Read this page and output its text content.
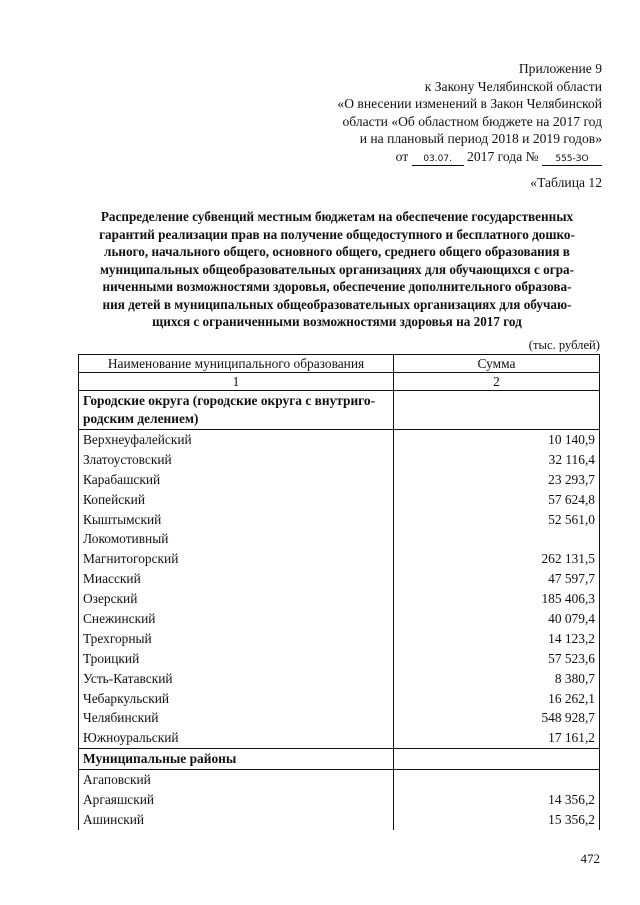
Приложение 9
к Закону Челябинской области
«О внесении изменений в Закон Челябинской
области «Об областном бюджете на 2017 год
и на плановый период 2018 и 2019 годов»
от 03.07. 2017 года № 555-ЗО
«Таблица 12
Распределение субвенций местным бюджетам на обеспечение государственных
гарантий реализации прав на получение общедоступного и бесплатного дошко-
льного, начального общего, основного общего, среднего общего образования в
муниципальных общеобразовательных организациях для обучающихся с огра-
ниченными возможностями здоровья, обеспечение дополнительного образова-
ния детей в муниципальных общеобразовательных организациях для обучаю-
щихся с ограниченными возможностями здоровья на 2017 год
(тыс. рублей)
Наименование муниципального образования	Сумма
1	2

Городские округа (городские округа с внутриго-
родским делением)	

Верхнеуфалейский	10 140,9
Златоустовский	32 116,4
Карабашский	23 293,7
Копейский	57 624,8
Кыштымский	52 561,0
Локомотивный	
Магнитогорский	262 131,5
Миасский	47 597,7
Озерский	185 406,3
Снежинский	40 079,4
Трехгорный	14 123,2
Троицкий	57 523,6
Усть-Катавский	8 380,7
Чебаркульский	16 262,1
Челябинский	548 928,7
Южноуральский	17 161,2

Муниципальные районы	

Агаповский	
Аргаяшский	14 356,2
Ашинский	15 356,2
472
